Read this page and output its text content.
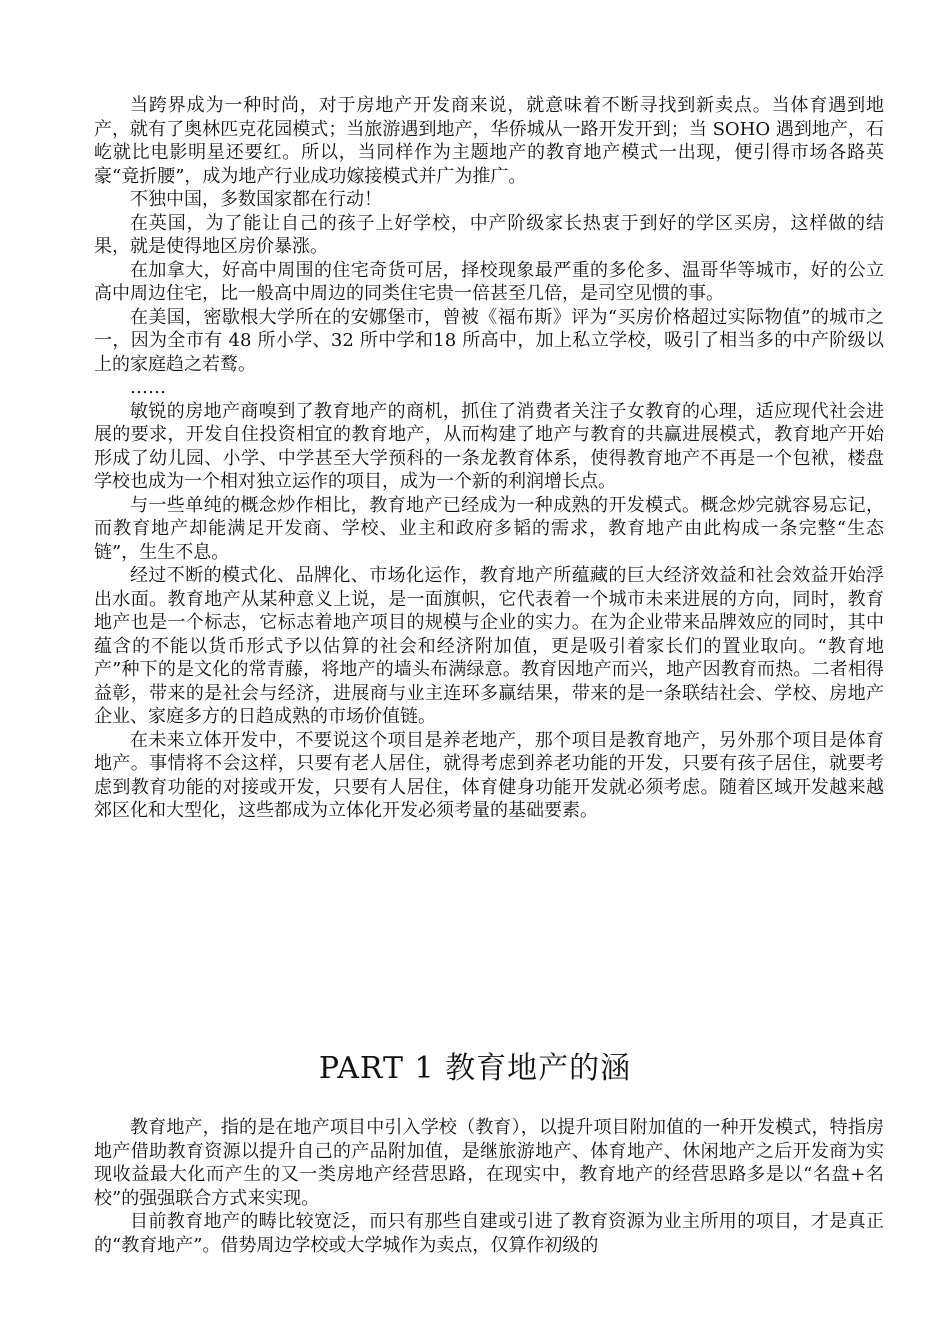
当跨界成为一种时尚，对于房地产开发商来说，就意味着不断寻找到新卖点。当体育遇到地产，就有了奥林匹克花园模式；当旅游遇到地产，华侨城从一路开发开到；当 SOHO 遇到地产，石屹就比电影明星还要红。所以，当同样作为主题地产的教育地产模式一出现，便引得市场各路英豪“竟折腰”，成为地产行业成功嫁接模式并广为推广。

不独中国，多数国家都在行动！

在英国，为了能让自己的孩子上好学校，中产阶级家长热衷于到好的学区买房，这样做的结果，就是使得地区房价暴涨。

在加拿大，好高中周围的住宅奇货可居，择校现象最严重的多伦多、温哥华等城市，好的公立高中周边住宅，比一般高中周边的同类住宅贵一倍甚至几倍，是司空见惯的事。

在美国，密歇根大学所在的安娜堡市，曾被《福布斯》评为“买房价格超过实际物值”的城市之一，因为全市有 48 所小学、32 所中学和18 所高中，加上私立学校，吸引了相当多的中产阶级以上的家庭趋之若鹜。

……

敏锐的房地产商嗅到了教育地产的商机，抓住了消费者关注子女教育的心理，适应现代社会进展的要求，开发自住投资相宜的教育地产，从而构建了地产与教育的共赢进展模式，教育地产开始形成了幼儿园、小学、中学甚至大学预科的一条龙教育体系，使得教育地产不再是一个包袱，楼盘学校也成为一个相对独立运作的项目，成为一个新的利润增长点。

与一些单纯的概念炒作相比，教育地产已经成为一种成熟的开发模式。概念炒完就容易忘记，而教育地产却能满足开发商、学校、业主和政府多韬的需求，教育地产由此构成一条完整“生态链”，生生不息。

经过不断的模式化、品牌化、市场化运作，教育地产所蕴藏的巨大经济效益和社会效益开始浮出水面。教育地产从某种意义上说，是一面旗帜，它代表着一个城市未来进展的方向，同时，教育地产也是一个标志，它标志着地产项目的规模与企业的实力。在为企业带来品牌效应的同时，其中蕴含的不能以货币形式予以估算的社会和经济附加值，更是吸引着家长们的置业取向。“教育地产”种下的是文化的常青藤，将地产的墙头布满绿意。教育因地产而兴，地产因教育而热。二者相得益彰，带来的是社会与经济，进展商与业主连环多赢结果，带来的是一条联结社会、学校、房地产企业、家庭多方的日趋成熟的市场价值链。

在未来立体开发中，不要说这个项目是养老地产，那个项目是教育地产，另外那个项目是体育地产。事情将不会这样，只要有老人居住，就得考虑到养老功能的开发，只要有孩子居住，就要考虑到教育功能的对接或开发，只要有人居住，体育健身功能开发就必须考虑。随着区域开发越来越郊区化和大型化，这些都成为立体化开发必须考量的基础要素。

PART 1 教育地产的涵

教育地产，指的是在地产项目中引入学校（教育），以提升项目附加值的一种开发模式，特指房地产借助教育资源以提升自己的产品附加值，是继旅游地产、体育地产、休闲地产之后开发商为实现收益最大化而产生的又一类房地产经营思路，在现实中，教育地产的经营思路多是以“名盘+名校”的强强联合方式来实现。

目前教育地产的畴比较宽泛，而只有那些自建或引进了教育资源为业主所用的项目，才是真正的“教育地产”。借势周边学校或大学城作为卖点，仅算作初级的
